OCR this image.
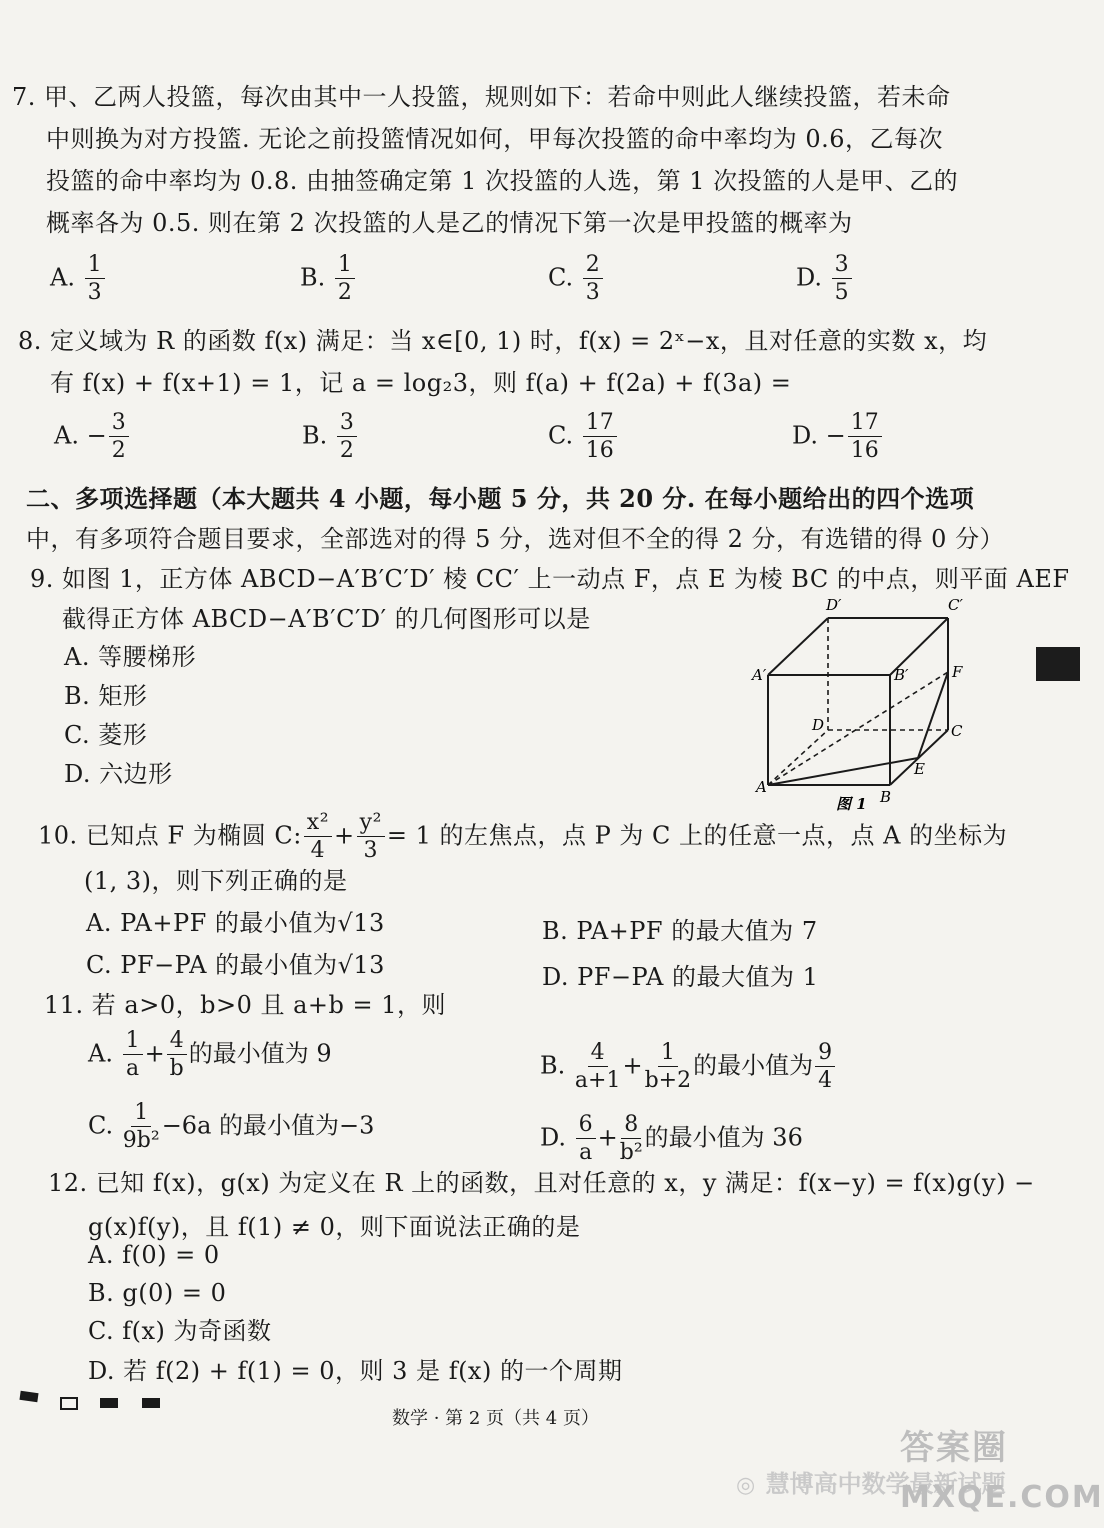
7. 甲、乙两人投篮，每次由其中一人投篮，规则如下：若命中则此人继续投篮，若未命
中则换为对方投篮. 无论之前投篮情况如何，甲每次投篮的命中率均为 0.6，乙每次
投篮的命中率均为 0.8. 由抽签确定第 1 次投篮的人选，第 1 次投篮的人是甲、乙的
概率各为 0.5. 则在第 2 次投篮的人是乙的情况下第一次是甲投篮的概率为
A. $\frac{1}{3}$	B. $\frac{1}{2}$	C. $\frac{2}{3}$	D. $\frac{3}{5}$
8. 定义域为 R 的函数 f(x) 满足：当 x∈[0, 1) 时，f(x) = 2ˣ−x，且对任意的实数 x，均
有 f(x) + f(x+1) = 1，记 a = log₂3，则 f(a) + f(2a) + f(3a) =
A. − $\frac{3}{2}$	B. $\frac{3}{2}$	C. $\frac{17}{16}$	D. − $\frac{17}{16}$
二、多项选择题（本大题共 4 小题，每小题 5 分，共 20 分. 在每小题给出的四个选项
中，有多项符合题目要求，全部选对的得 5 分，选对但不全的得 2 分，有选错的得 0 分）
9. 如图 1，正方体 ABCD−A′B′C′D′ 棱 CC′ 上一动点 F，点 E 为棱 BC 的中点，则平面 AEF
截得正方体 ABCD−A′B′C′D′ 的几何图形可以是
A. 等腰梯形
B. 矩形
C. 菱形
D. 六边形
D′	C′
A′	B′	F
D	C
E
A
B
图 1
10. 已知点 F 为椭圆 C: $\frac{\text{x²}}{4} + \frac{\text{y²}}{3} = 1$ 的左焦点，点 P 为 C 上的任意一点，点 A 的坐标为
(1, 3)，则下列正确的是
A. PA+PF 的最小值为√13	B. PA+PF 的最大值为 7
C. PF−PA 的最小值为√13	D. PF−PA 的最大值为 1
11. 若 a>0，b>0 且 a+b = 1，则
A. $\frac{1}{a} + \frac{4}{b}$ 的最小值为 9	B. $\frac{4}{a+1} + \frac{1}{b+2}$ 的最小值为 $\frac{9}{4}$
C. $\frac{1}{\text{9b²}} -6a$ 的最小值为−3	D. $\frac{6}{a} + \frac{8}{\text{b²}}$ 的最小值为 36
12. 已知 f(x)，g(x) 为定义在 R 上的函数，且对任意的 x，y 满足：f(x−y) = f(x)g(y) −
g(x)f(y)，且 f(1) ≠ 0，则下面说法正确的是
A. f(0) = 0
B. g(0) = 0
C. f(x) 为奇函数
D. 若 f(2) + f(1) = 0，则 3 是 f(x) 的一个周期
数学 · 第 2 页（共 4 页）
◎ 慧博高中数学最新试题
答案圈
MXQE.COM
